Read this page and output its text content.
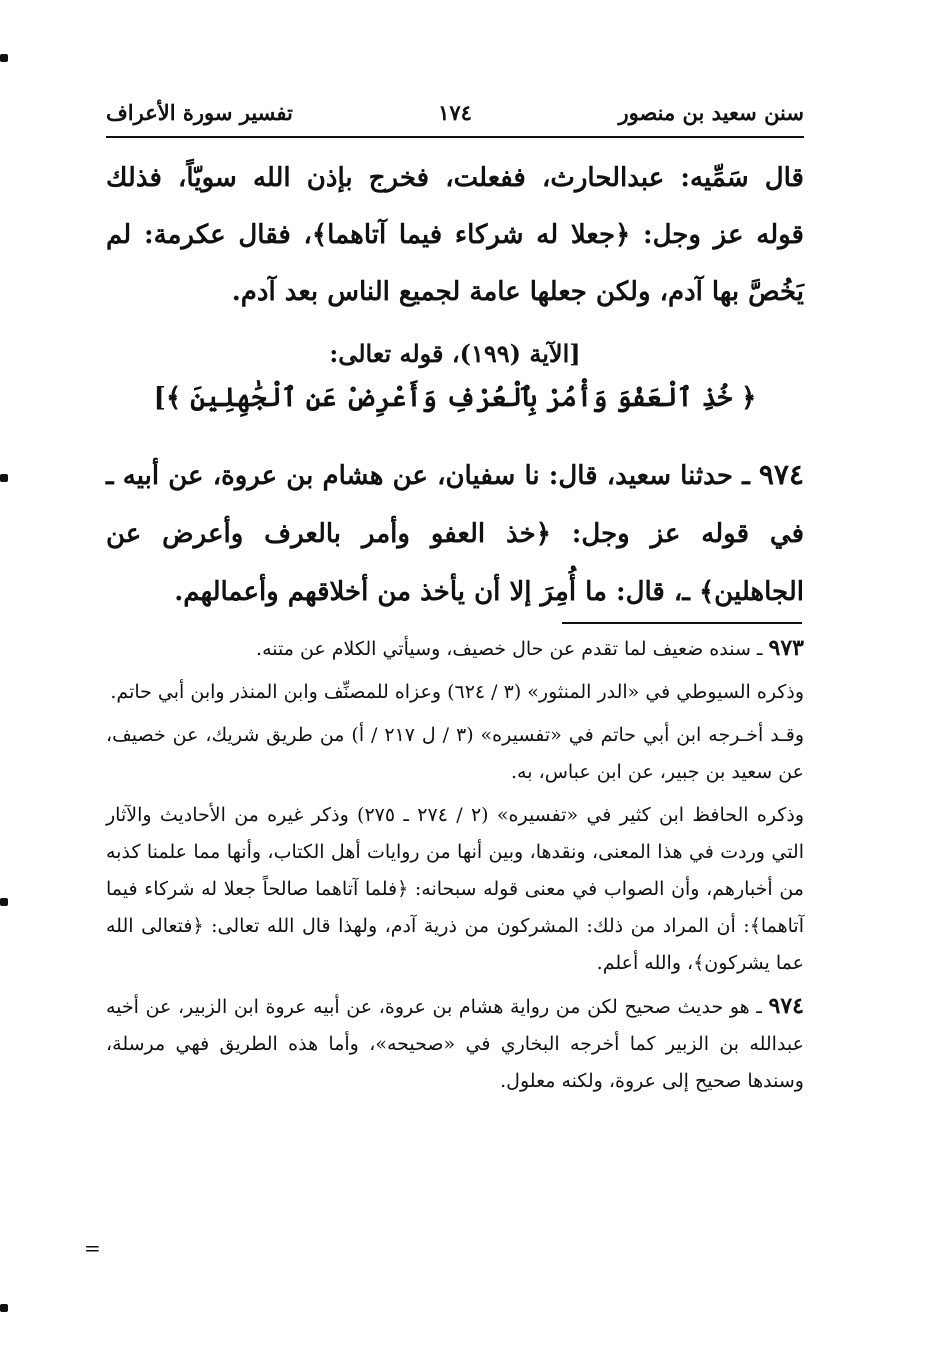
سنن سعيد بن منصور
١٧٤
تفسير سورة الأعراف

قال سَمِّيه: عبدالحارث، ففعلت، فخرج بإذن الله سويّاً، فذلك قوله عز وجل: ﴿جعلا له شركاء فيما آتاهما﴾، فقال عكرمة: لم يَخُصَّ بها آدم، ولكن جعلها عامة لجميع الناس بعد آدم.

[الآية (١٩٩)، قوله تعالى:
﴿ خُذِ ٱلْعَفْوَ وَأْمُرْ بِٱلْعُرْفِ وَأَعْرِضْ عَنِ ٱلْجَٰهِلِينَ ﴾]
٩٧٤ ـ حدثنا سعيد، قال: نا سفيان، عن هشام بن عروة، عن أبيه ـ في قوله عز وجل: ﴿خذ العفو وأمر بالعرف وأعرض عن الجاهلين﴾ ـ، قال: ما أُمِرَ إلا أن يأخذ من أخلاقهم وأعمالهم.

٩٧٣ ـ سنده ضعيف لما تقدم عن حال خصيف، وسيأتي الكلام عن متنه.

وذكره السيوطي في «الدر المنثور» (٣ / ٦٢٤) وعزاه للمصنِّف وابن المنذر وابن أبي حاتم.

وقـد أخـرجه ابن أبي حاتم في «تفسيره» (٣ / ل ٢١٧ / أ) من طريق شريك، عن خصيف، عن سعيد بن جبير، عن ابن عباس، به.

وذكره الحافظ ابن كثير في «تفسيره» (٢ / ٢٧٤ ـ ٢٧٥) وذكر غيره من الأحاديث والآثار التي وردت في هذا المعنى، ونقدها، وبين أنها من روايات أهل الكتاب، وأنها مما علمنا كذبه من أخبارهم، وأن الصواب في معنى قوله سبحانه: ﴿فلما آتاهما صالحاً جعلا له شركاء فيما آتاهما﴾: أن المراد من ذلك: المشركون من ذرية آدم، ولهذا قال الله تعالى: ﴿فتعالى الله عما يشركون﴾، والله أعلم.

٩٧٤ ـ هو حديث صحيح لكن من رواية هشام بن عروة، عن أبيه عروة ابن الزبير، عن أخيه عبدالله بن الزبير كما أخرجه البخاري في «صحيحه»، وأما هذه الطريق فهي مرسلة، وسندها صحيح إلى عروة، ولكنه معلول.

=
